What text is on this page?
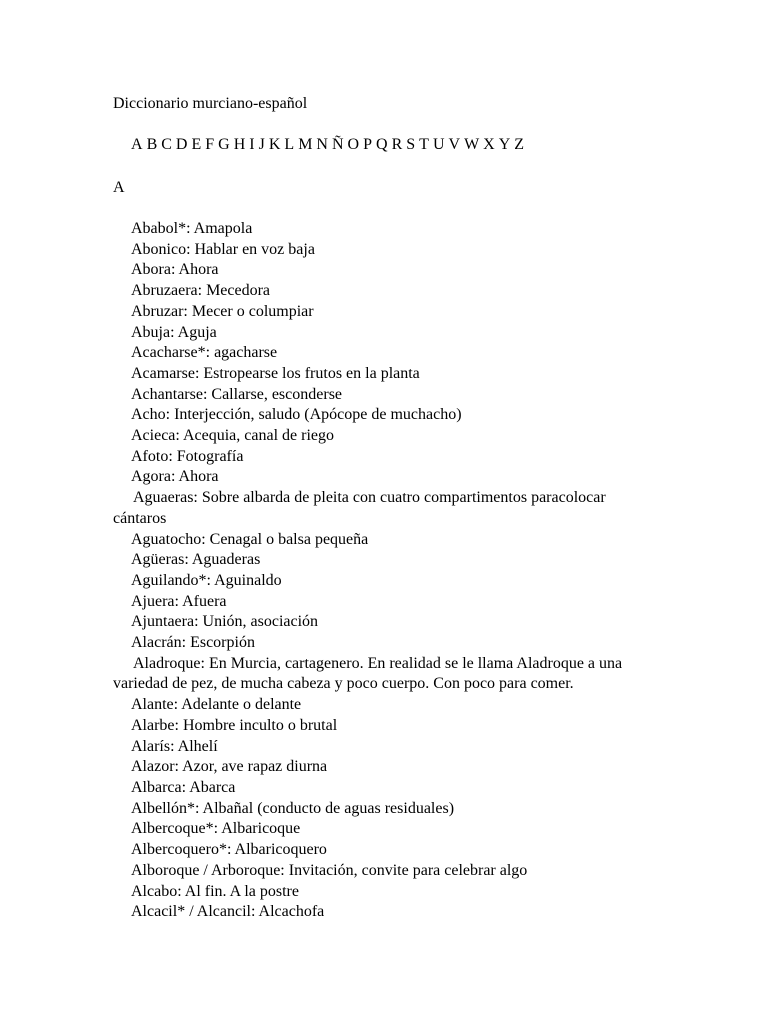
Diccionario murciano-español
A B C D E F G H I J K L M N Ñ O P Q R S T U V W X Y Z
A

Ababol*: Amapola

Abonico: Hablar en voz baja

Abora: Ahora

Abruzaera: Mecedora

Abruzar: Mecer o columpiar

Abuja: Aguja

Acacharse*: agacharse

Acamarse: Estropearse los frutos en la planta

Achantarse: Callarse, esconderse

Acho: Interjección, saludo (Apócope de muchacho)

Acieca: Acequia, canal de riego

Afoto: Fotografía

Agora: Ahora

Aguaeras: Sobre albarda de pleita con cuatro compartimentos paracolocar cántaros

Aguatocho: Cenagal o balsa pequeña

Agüeras: Aguaderas

Aguilando*: Aguinaldo

Ajuera: Afuera

Ajuntaera: Unión, asociación

Alacrán: Escorpión

Aladroque: En Murcia, cartagenero. En realidad se le llama Aladroque a una variedad de pez, de mucha cabeza y poco cuerpo. Con poco para comer.

Alante: Adelante o delante

Alarbe: Hombre inculto o brutal

Alarís: Alhelí

Alazor: Azor, ave rapaz diurna

Albarca: Abarca

Albellón*: Albañal (conducto de aguas residuales)

Albercoque*: Albaricoque

Albercoquero*: Albaricoquero

Alboroque / Arboroque: Invitación, convite para celebrar algo

Alcabo: Al fin. A la postre

Alcacil* / Alcancil: Alcachofa
